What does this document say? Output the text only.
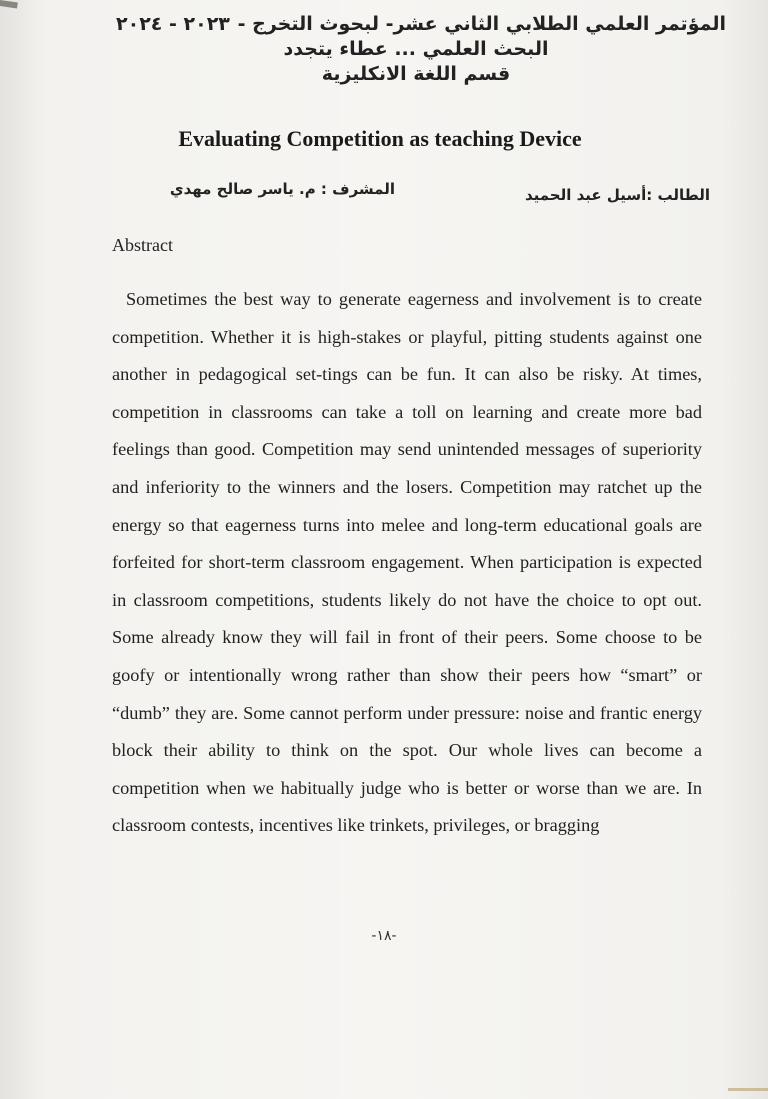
المؤتمر العلمي الطلابي الثاني عشر- لبحوث التخرج -
٢٠٢٣ - ٢٠٢٤
البحث العلمي ... عطاء يتجدد
قسم اللغة الانكليزية
Evaluating Competition as teaching Device
الطالب :أسيل عبد الحميد
المشرف : م. ياسر صالح مهدي
Abstract

Sometimes the best way to generate eagerness and involvement is to create competition. Whether it is high-stakes or playful, pitting students against one another in pedagogical set-tings can be fun. It can also be risky. At times, competition in classrooms can take a toll on learning and create more bad feelings than good. Competition may send unintended messages of superiority and inferiority to the winners and the losers. Competition may ratchet up the energy so that eagerness turns into melee and long-term educational goals are forfeited for short-term classroom engagement. When participation is expected in classroom competitions, students likely do not have the choice to opt out. Some already know they will fail in front of their peers. Some choose to be goofy or intentionally wrong rather than show their peers how “smart” or “dumb” they are. Some cannot perform under pressure: noise and frantic energy block their ability to think on the spot. Our whole lives can become a competition when we habitually judge who is better or worse than we are. In classroom contests, incentives like trinkets, privileges, or bragging

-١٨-
